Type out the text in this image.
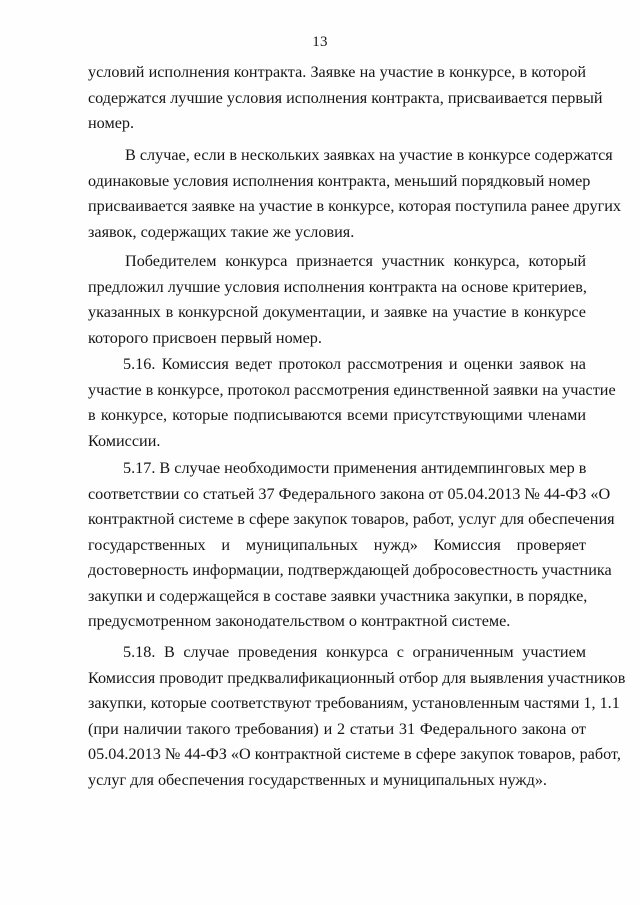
13

условий исполнения контракта. Заявке на участие в конкурсе, в которой
содержатся лучшие условия исполнения контракта, присваивается первый
номер.

В случае, если в нескольких заявках на участие в конкурсе содержатся
одинаковые условия исполнения контракта, меньший порядковый номер
присваивается заявке на участие в конкурсе, которая поступила ранее других
заявок, содержащих такие же условия.

Победителем конкурса признается участник конкурса, который
предложил лучшие условия исполнения контракта на основе критериев,
указанных в конкурсной документации, и заявке на участие в конкурсе
которого присвоен первый номер.

5.16. Комиссия ведет протокол рассмотрения и оценки заявок на
участие в конкурсе, протокол рассмотрения единственной заявки на участие
в конкурсе, которые подписываются всеми присутствующими членами
Комиссии.

5.17. В случае необходимости применения антидемпинговых мер в
соответствии со статьей 37 Федерального закона от 05.04.2013 № 44-ФЗ «О
контрактной системе в сфере закупок товаров, работ, услуг для обеспечения
государственных и муниципальных нужд» Комиссия проверяет
достоверность информации, подтверждающей добросовестность участника
закупки и содержащейся в составе заявки участника закупки, в порядке,
предусмотренном законодательством о контрактной системе.

5.18. В случае проведения конкурса с ограниченным участием
Комиссия проводит предквалификационный отбор для выявления участников
закупки, которые соответствуют требованиям, установленным частями 1, 1.1
(при наличии такого требования) и 2 статьи 31 Федерального закона от
05.04.2013 № 44-ФЗ «О контрактной системе в сфере закупок товаров, работ,
услуг для обеспечения государственных и муниципальных нужд».
